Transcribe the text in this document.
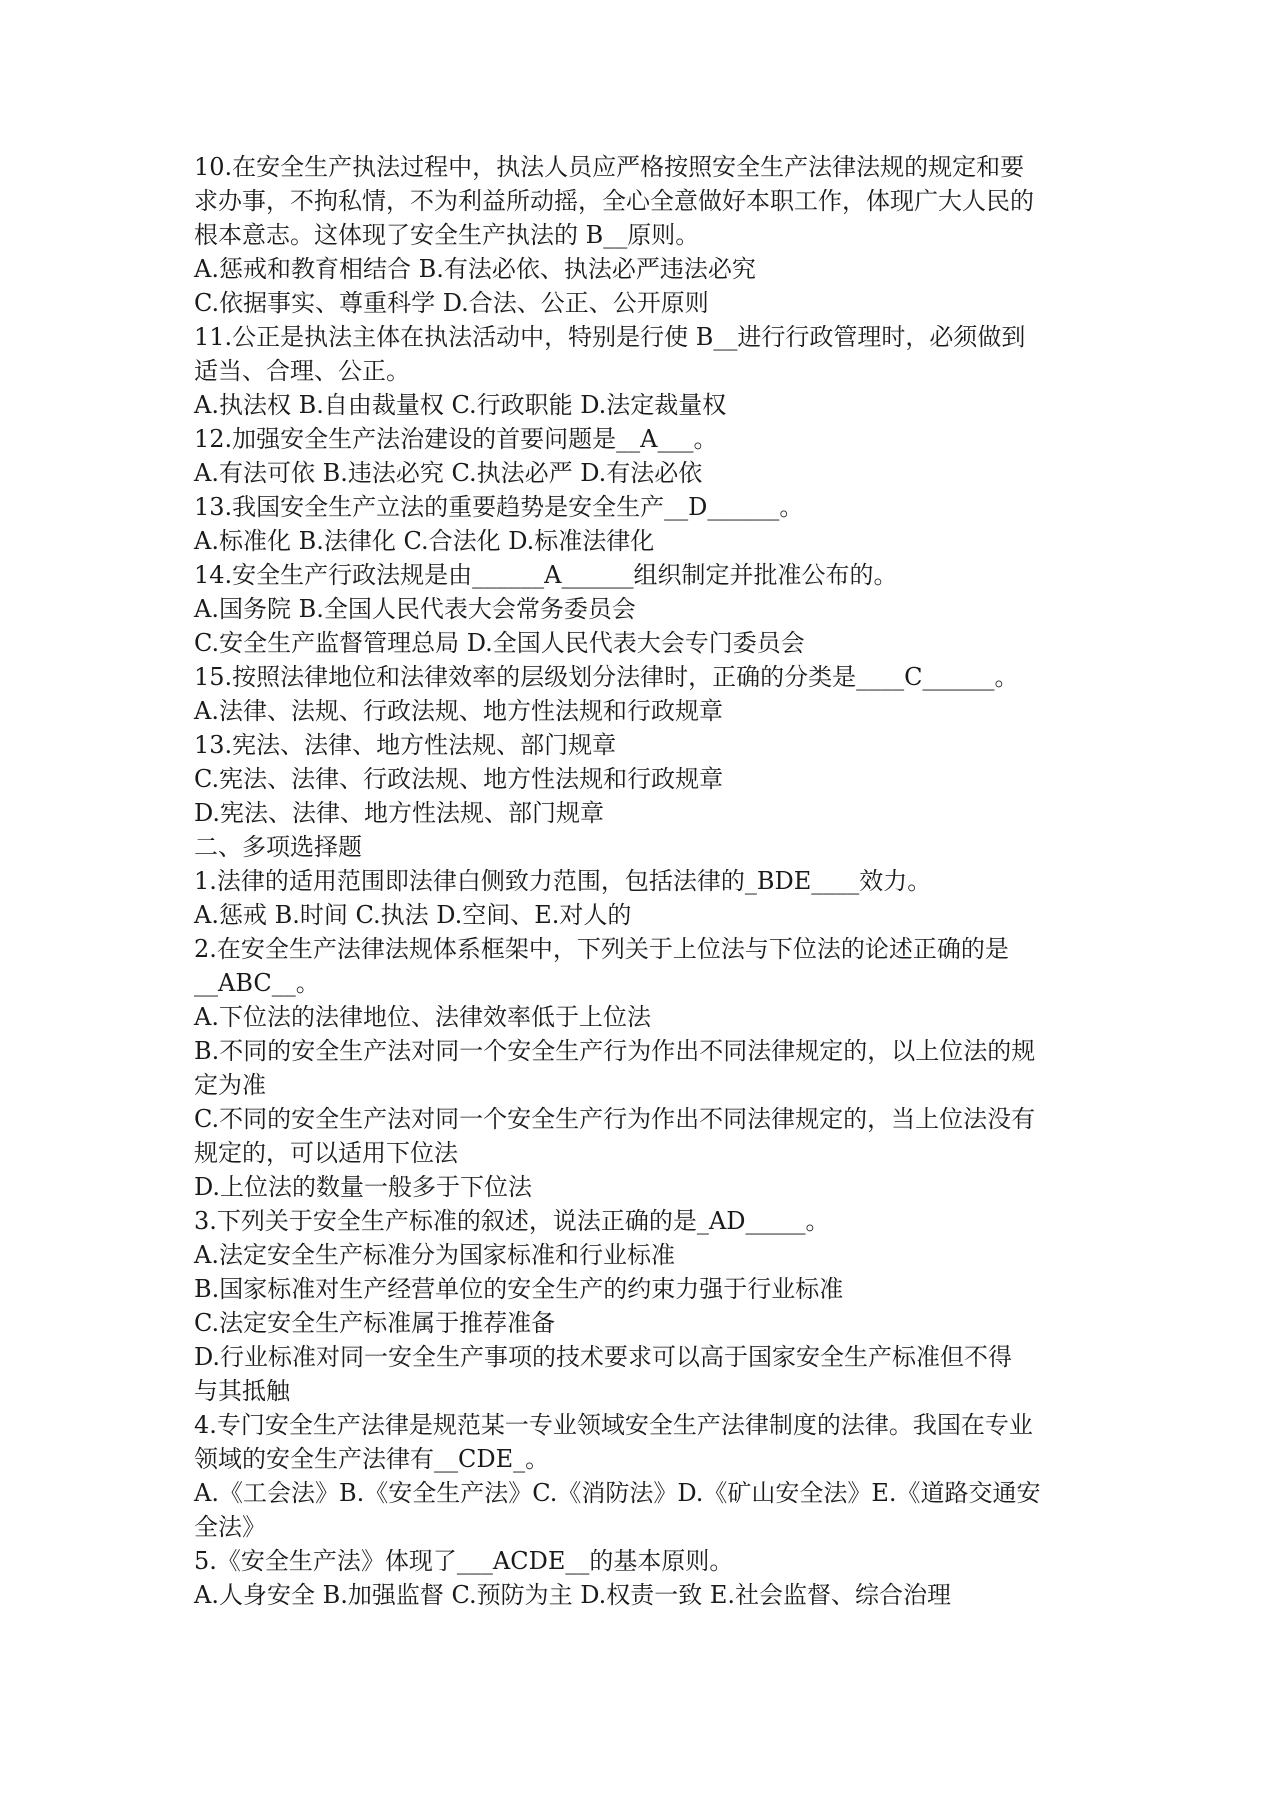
10.在安全生产执法过程中，执法人员应严格按照安全生产法律法规的规定和要
求办事，不拘私情，不为利益所动摇，全心全意做好本职工作，体现广大人民的
根本意志。这体现了安全生产执法的 B__原则。
A.惩戒和教育相结合 B.有法必依、执法必严违法必究
C.依据事实、尊重科学 D.合法、公正、公开原则
11.公正是执法主体在执法活动中，特别是行使 B__进行行政管理时，必须做到
适当、合理、公正。
A.执法权 B.自由裁量权 C.行政职能 D.法定裁量权
12.加强安全生产法治建设的首要问题是__A___。
A.有法可依 B.违法必究 C.执法必严 D.有法必依
13.我国安全生产立法的重要趋势是安全生产__D______。
A.标准化 B.法律化 C.合法化 D.标准法律化
14.安全生产行政法规是由______A______组织制定并批准公布的。
A.国务院 B.全国人民代表大会常务委员会
C.安全生产监督管理总局 D.全国人民代表大会专门委员会
15.按照法律地位和法律效率的层级划分法律时，正确的分类是____C______。
A.法律、法规、行政法规、地方性法规和行政规章
13.宪法、法律、地方性法规、部门规章
C.宪法、法律、行政法规、地方性法规和行政规章
D.宪法、法律、地方性法规、部门规章
二、多项选择题
1.法律的适用范围即法律白侧致力范围，包括法律的_BDE____效力。
A.惩戒 B.时间 C.执法 D.空间、E.对人的
2.在安全生产法律法规体系框架中，下列关于上位法与下位法的论述正确的是
__ABC__。
A.下位法的法律地位、法律效率低于上位法
B.不同的安全生产法对同一个安全生产行为作出不同法律规定的，以上位法的规
定为准
C.不同的安全生产法对同一个安全生产行为作出不同法律规定的，当上位法没有
规定的，可以适用下位法
D.上位法的数量一般多于下位法
3.下列关于安全生产标准的叙述，说法正确的是_AD_____。
A.法定安全生产标准分为国家标准和行业标准
B.国家标准对生产经营单位的安全生产的约束力强于行业标准
C.法定安全生产标准属于推荐准备
D.行业标准对同一安全生产事项的技术要求可以高于国家安全生产标准但不得
与其抵触
4.专门安全生产法律是规范某一专业领域安全生产法律制度的法律。我国在专业
领域的安全生产法律有__CDE_。
A.《工会法》B.《安全生产法》C.《消防法》D.《矿山安全法》E.《道路交通安
全法》
5.《安全生产法》体现了___ACDE__的基本原则。
A.人身安全 B.加强监督 C.预防为主 D.权责一致 E.社会监督、综合治理
